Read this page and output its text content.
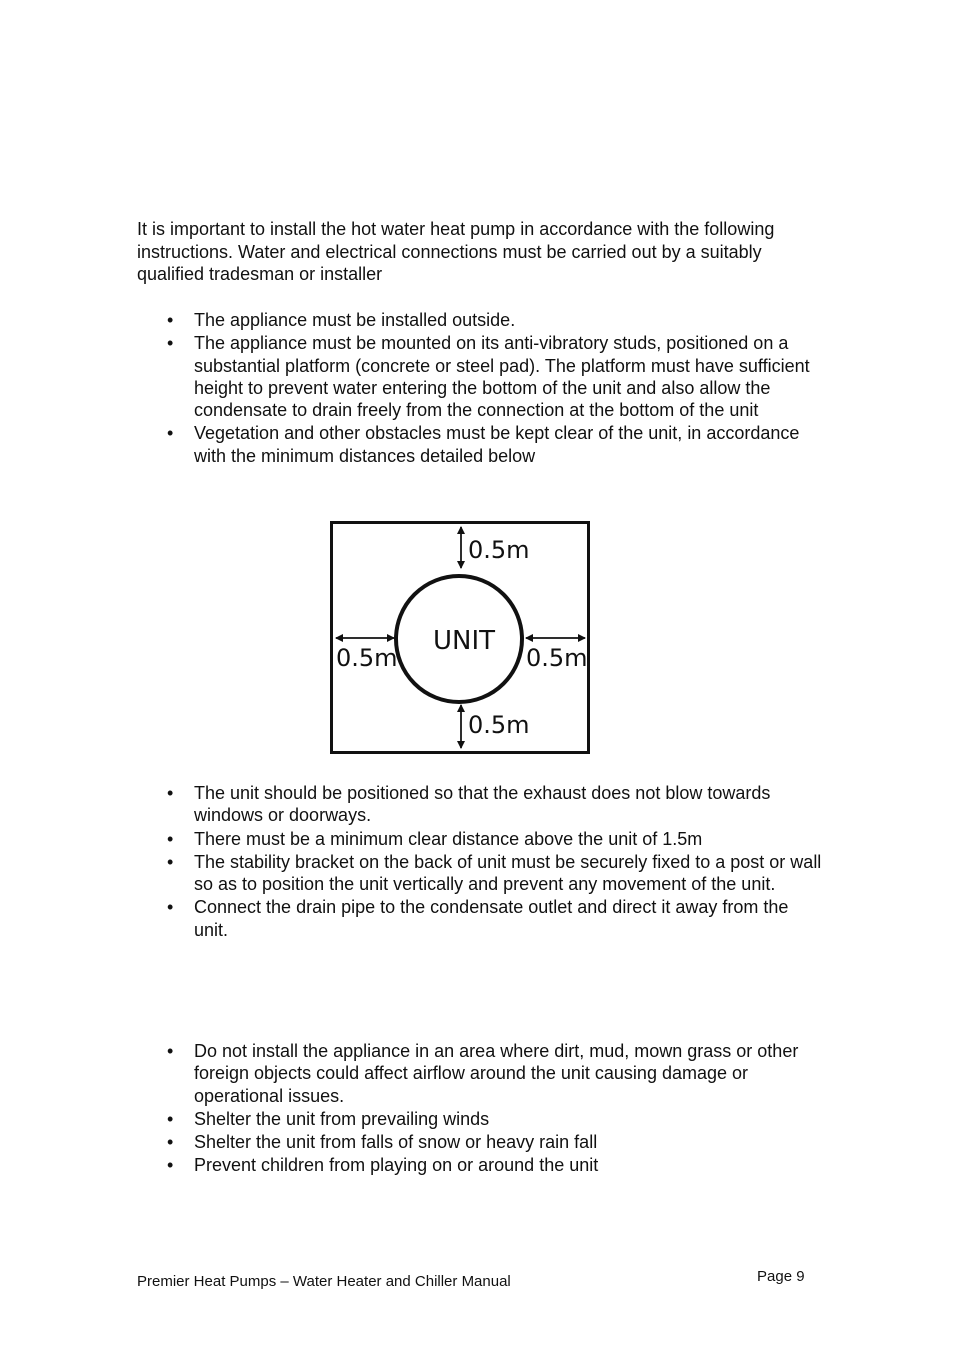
It is important to install the hot water heat pump in accordance with the following instructions. Water and electrical connections must be carried out by a suitably qualified tradesman or installer

• The appliance must be installed outside.
• The appliance must be mounted on its anti-vibratory studs, positioned on a substantial platform (concrete or steel pad). The platform must have sufficient height to prevent water entering the bottom of the unit and also allow the condensate to drain freely from the connection at the bottom of the unit
• Vegetation and other obstacles must be kept clear of the unit, in accordance with the minimum distances detailed below
UNIT
0.5m
0.5m	0.5m
0.5m
• The unit should be positioned so that the exhaust does not blow towards windows or doorways.
• There must be a minimum clear distance above the unit of 1.5m
• The stability bracket on the back of unit must be securely fixed to a post or wall so as to position the unit vertically and prevent any movement of the unit.
• Connect the drain pipe to the condensate outlet and direct it away from the unit.
• Do not install the appliance in an area where dirt, mud, mown grass or other foreign objects could affect airflow around the unit causing damage or operational issues.
• Shelter the unit from prevailing winds
• Shelter the unit from falls of snow or heavy rain fall
• Prevent children from playing on or around the unit
Premier Heat Pumps – Water Heater and Chiller Manual	Page 9
